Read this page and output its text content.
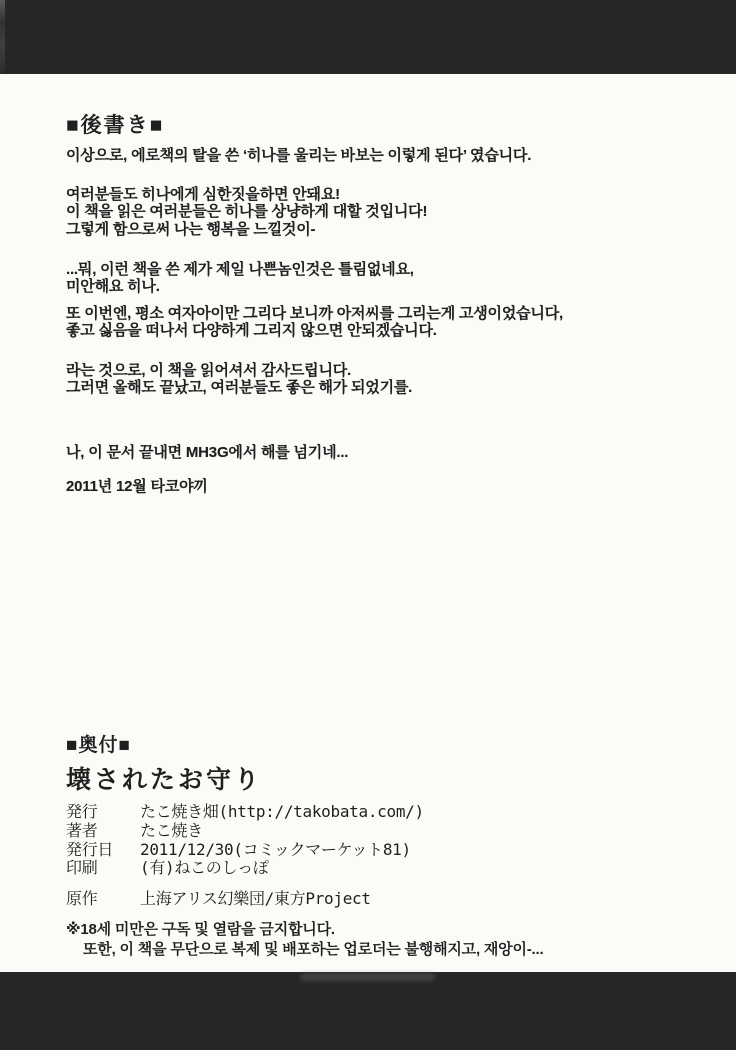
■後書き■

이상으로, 에로책의 탈을 쓴 ‘히나를 울리는 바보는 이렇게 된다’ 였습니다.

여러분들도 히나에게 심한짓을하면 안돼요!
이 책을 읽은 여러분들은 히나를 상냥하게 대할 것입니다!
그렇게 함으로써 나는 행복을 느낄것이-

...뭐, 이런 책을 쓴 제가 제일 나쁜놈인것은 틀림없네요,
미안해요 히나.

또 이번엔, 평소 여자아이만 그리다 보니까 아저씨를 그리는게 고생이었습니다,
좋고 싫음을 떠나서 다양하게 그리지 않으면 안되겠습니다.

라는 것으로, 이 책을 읽어셔서 감사드립니다.
그러면 올해도 끝났고, 여러분들도 좋은 해가 되었기를.

나, 이 문서 끝내면 MH3G에서 해를 넘기네...

2011년 12월 타코야끼

■奥付■
壊されたお守り
発行	たこ焼き畑(http://takobata.com/)
著者	たこ焼き
発行日	2011/12/30(コミックマーケット81)
印刷	(有)ねこのしっぽ
原作	上海アリス幻樂団/東方Project
※18세 미만은 구독 및 열람을 금지합니다.
또한, 이 책을 무단으로 복제 및 배포하는 업로더는 불행해지고, 재앙이-...
